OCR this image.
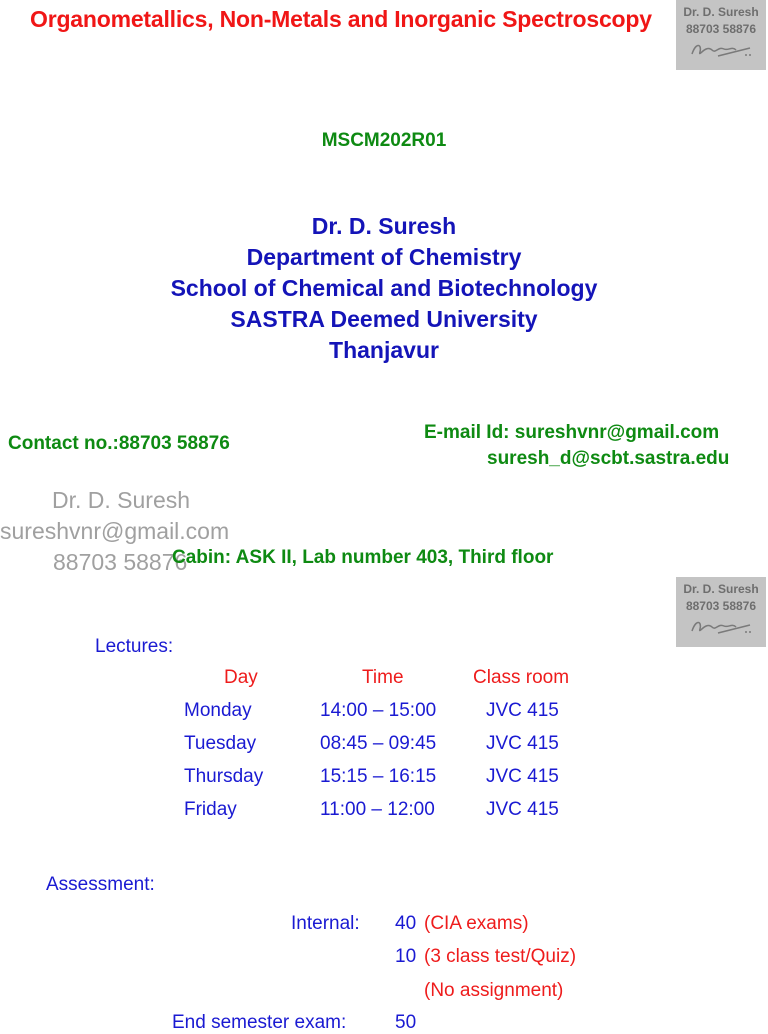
Dr. D. Suresh
88703 58876
Organometallics, Non-Metals and Inorganic Spectroscopy
MSCM202R01
Dr. D. Suresh
Department of Chemistry
School of Chemical and Biotechnology
SASTRA Deemed University
Thanjavur
Contact no.:88703 58876
E-mail Id: sureshvnr@gmail.com
suresh_d@scbt.sastra.edu
Dr. D. Suresh
sureshvnr@gmail.com
88703 58876
Cabin: ASK II, Lab number 403, Third floor
Dr. D. Suresh
88703 58876
Lectures:
Day	Time	Class room
Monday	14:00 – 15:00	JVC 415
Tuesday	08:45 – 09:45	JVC 415
Thursday	15:15 – 16:15	JVC 415
Friday	11:00 – 12:00	JVC 415
Assessment:
Internal: 40 (CIA exams)
10 (3 class test/Quiz)
(No assignment)
End semester exam:	50
